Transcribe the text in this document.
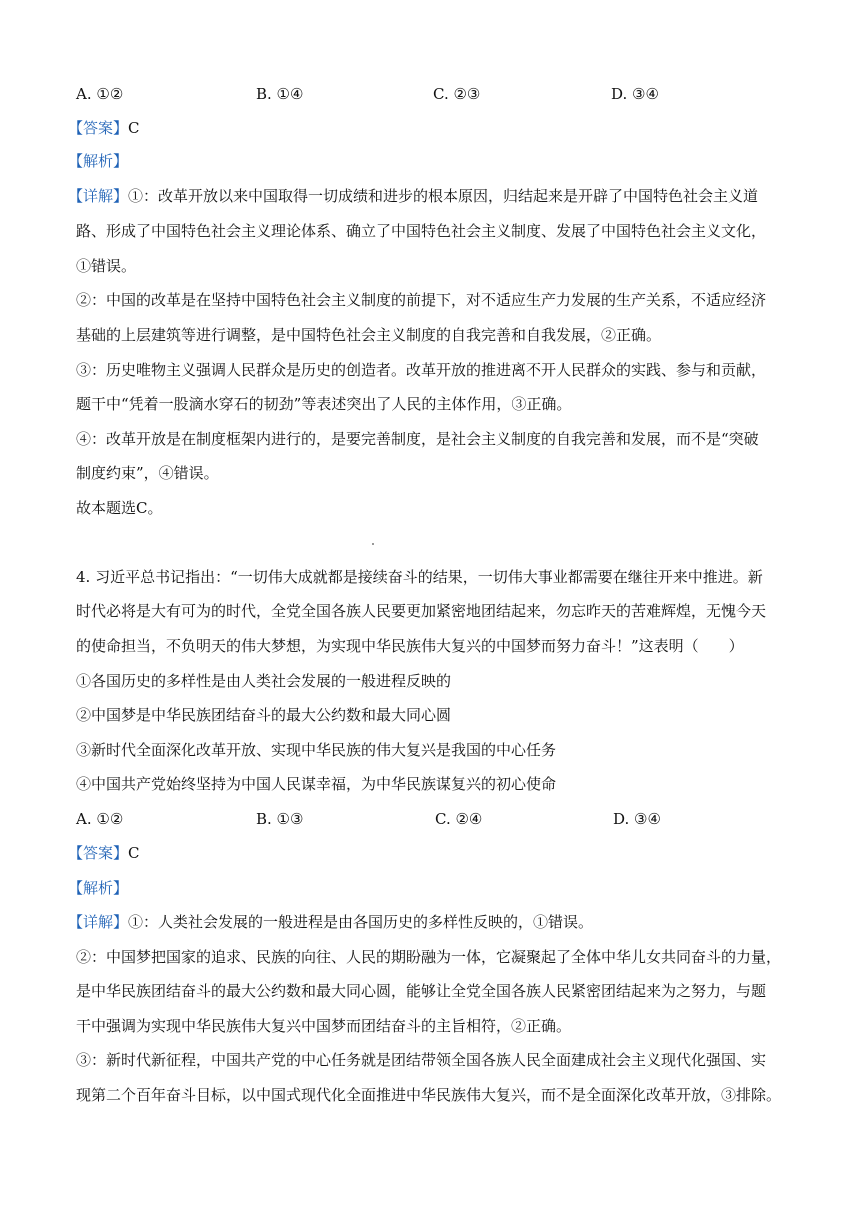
A. ①②	B. ①④	C. ②③	D. ③④
【答案】C
【解析】
【详解】①：改革开放以来中国取得一切成绩和进步的根本原因，归结起来是开辟了中国特色社会主义道
路、形成了中国特色社会主义理论体系、确立了中国特色社会主义制度、发展了中国特色社会主义文化，
①错误。
②：中国的改革是在坚持中国特色社会主义制度的前提下，对不适应生产力发展的生产关系，不适应经济
基础的上层建筑等进行调整，是中国特色社会主义制度的自我完善和自我发展，②正确。
③：历史唯物主义强调人民群众是历史的创造者。改革开放的推进离不开人民群众的实践、参与和贡献，
题干中“凭着一股滴水穿石的韧劲”等表述突出了人民的主体作用，③正确。
④：改革开放是在制度框架内进行的，是要完善制度，是社会主义制度的自我完善和发展，而不是“突破
制度约束”，④错误。
故本题选C。
4. 习近平总书记指出：“一切伟大成就都是接续奋斗的结果，一切伟大事业都需要在继往开来中推进。新
时代必将是大有可为的时代，全党全国各族人民要更加紧密地团结起来，勿忘昨天的苦难辉煌，无愧今天
的使命担当，不负明天的伟大梦想，为实现中华民族伟大复兴的中国梦而努力奋斗！”这表明（　　）
①各国历史的多样性是由人类社会发展的一般进程反映的
②中国梦是中华民族团结奋斗的最大公约数和最大同心圆
③新时代全面深化改革开放、实现中华民族的伟大复兴是我国的中心任务
④中国共产党始终坚持为中国人民谋幸福，为中华民族谋复兴的初心使命
A. ①②	B. ①③	C. ②④	D. ③④
【答案】C
【解析】
【详解】①：人类社会发展的一般进程是由各国历史的多样性反映的，①错误。
②：中国梦把国家的追求、民族的向往、人民的期盼融为一体，它凝聚起了全体中华儿女共同奋斗的力量，
是中华民族团结奋斗的最大公约数和最大同心圆，能够让全党全国各族人民紧密团结起来为之努力，与题
干中强调为实现中华民族伟大复兴中国梦而团结奋斗的主旨相符，②正确。
③：新时代新征程，中国共产党的中心任务就是团结带领全国各族人民全面建成社会主义现代化强国、实
现第二个百年奋斗目标，以中国式现代化全面推进中华民族伟大复兴，而不是全面深化改革开放，③排除。
